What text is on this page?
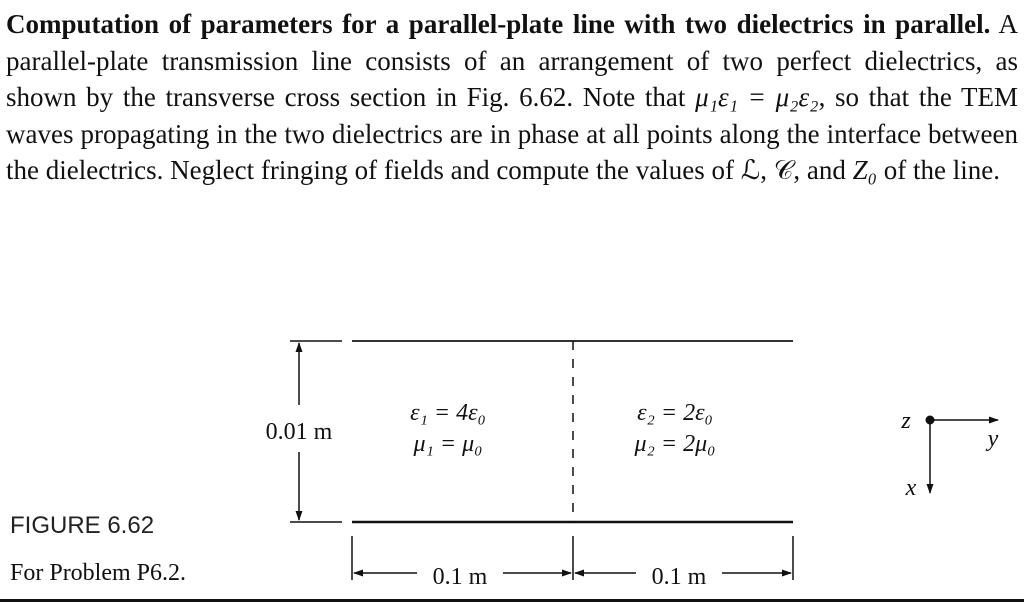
Computation of parameters for a parallel-plate line with two dielectrics in parallel. A parallel-plate transmission line consists of an arrangement of two perfect dielectrics, as shown by the transverse cross section in Fig. 6.62. Note that μ₁ε₁ = μ₂ε₂, so that the TEM waves propagating in the two dielectrics are in phase at all points along the interface between the dielectrics. Neglect fringing of fields and compute the values of ℒ, 𝒞, and Z₀ of the line.

0.01 m
0.1 m	0.1 m
ε₁ = 4ε₀
μ₁ = μ₀
ε₂ = 2ε₀
μ₂ = 2μ₀
z
y
x
FIGURE 6.62
For Problem P6.2.
